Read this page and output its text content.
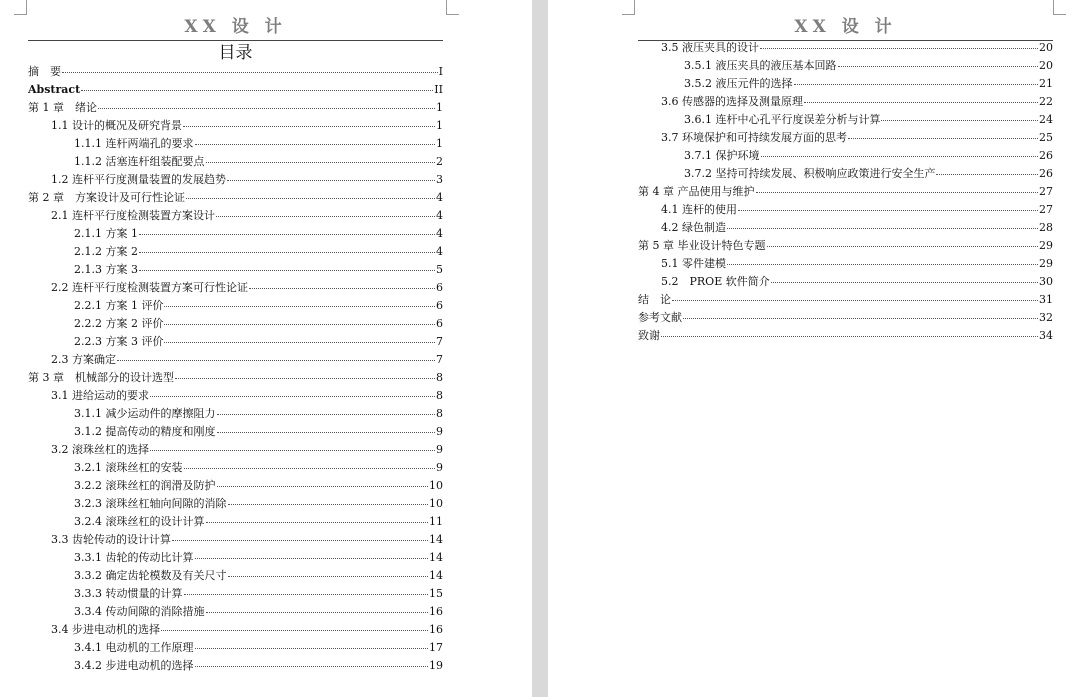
XX 设 计
目录
摘　要	I
Abstract	II
第 1 章　绪论	1
1.1 设计的概况及研究背景	1
1.1.1 连杆两端孔的要求	1
1.1.2 活塞连杆组装配要点	2
1.2 连杆平行度测量装置的发展趋势	3
第 2 章　方案设计及可行性论证	4
2.1 连杆平行度检测装置方案设计	4
2.1.1 方案 1	4
2.1.2 方案 2	4
2.1.3 方案 3	5
2.2 连杆平行度检测装置方案可行性论证	6
2.2.1 方案 1 评价	6
2.2.2 方案 2 评价	6
2.2.3 方案 3 评价	7
2.3 方案确定	7
第 3 章　机械部分的设计选型	8
3.1 进给运动的要求	8
3.1.1 减少运动件的摩擦阻力	8
3.1.2 提高传动的精度和刚度	9
3.2 滚珠丝杠的选择	9
3.2.1 滚珠丝杠的安装	9
3.2.2 滚珠丝杠的润滑及防护	10
3.2.3 滚珠丝杠轴向间隙的消除	10
3.2.4 滚珠丝杠的设计计算	11
3.3 齿轮传动的设计计算	14
3.3.1 齿轮的传动比计算	14
3.3.2 确定齿轮模数及有关尺寸	14
3.3.3 转动惯量的计算	15
3.3.4 传动间隙的消除措施	16
3.4 步进电动机的选择	16
3.4.1 电动机的工作原理	17
3.4.2 步进电动机的选择	19
XX 设 计
3.5 液压夹具的设计	20
3.5.1 液压夹具的液压基本回路	20
3.5.2 液压元件的选择	21
3.6 传感器的选择及测量原理	22
3.6.1 连杆中心孔平行度误差分析与计算	24
3.7 环境保护和可持续发展方面的思考	25
3.7.1 保护环境	26
3.7.2 坚持可持续发展、积极响应政策进行安全生产	26
第 4 章 产品使用与维护	27
4.1 连杆的使用	27
4.2 绿色制造	28
第 5 章 毕业设计特色专题	29
5.1 零件建模	29
5.2　PROE 软件简介	30
结　论	31
参考文献	32
致谢	34
